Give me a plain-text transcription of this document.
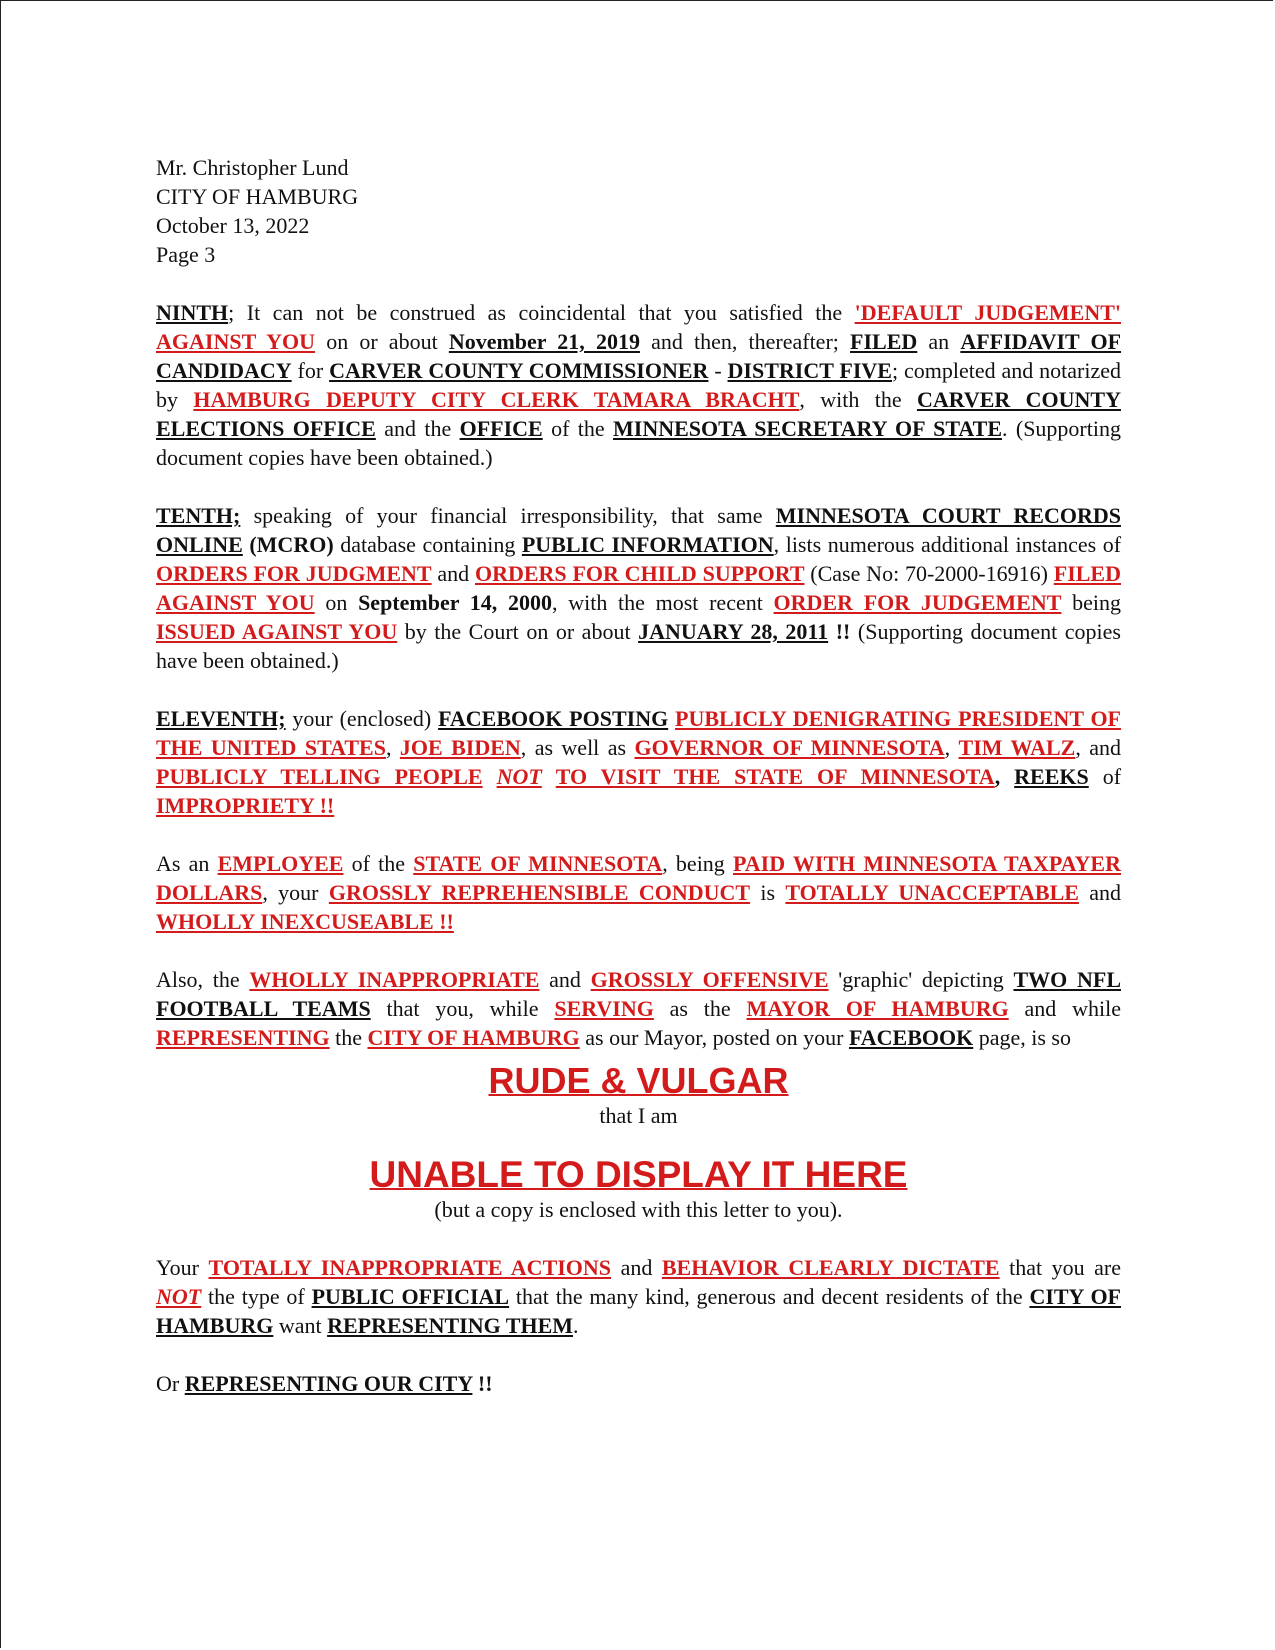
Mr. Christopher Lund
CITY OF HAMBURG
October 13, 2022
Page 3
NINTH; It can not be construed as coincidental that you satisfied the 'DEFAULT JUDGEMENT' AGAINST YOU on or about November 21, 2019 and then, thereafter; FILED an AFFIDAVIT OF CANDIDACY for CARVER COUNTY COMMISSIONER - DISTRICT FIVE; completed and notarized by HAMBURG DEPUTY CITY CLERK TAMARA BRACHT, with the CARVER COUNTY ELECTIONS OFFICE and the OFFICE of the MINNESOTA SECRETARY OF STATE. (Supporting document copies have been obtained.)
TENTH; speaking of your financial irresponsibility, that same MINNESOTA COURT RECORDS ONLINE (MCRO) database containing PUBLIC INFORMATION, lists numerous additional instances of ORDERS FOR JUDGMENT and ORDERS FOR CHILD SUPPORT (Case No: 70-2000-16916) FILED AGAINST YOU on September 14, 2000, with the most recent ORDER FOR JUDGEMENT being ISSUED AGAINST YOU by the Court on or about JANUARY 28, 2011 !! (Supporting document copies have been obtained.)
ELEVENTH; your (enclosed) FACEBOOK POSTING PUBLICLY DENIGRATING PRESIDENT OF THE UNITED STATES, JOE BIDEN, as well as GOVERNOR OF MINNESOTA, TIM WALZ, and PUBLICLY TELLING PEOPLE NOT TO VISIT THE STATE OF MINNESOTA, REEKS of IMPROPRIETY !!
As an EMPLOYEE of the STATE OF MINNESOTA, being PAID WITH MINNESOTA TAXPAYER DOLLARS, your GROSSLY REPREHENSIBLE CONDUCT is TOTALLY UNACCEPTABLE and WHOLLY INEXCUSEABLE !!
Also, the WHOLLY INAPPROPRIATE and GROSSLY OFFENSIVE 'graphic' depicting TWO NFL FOOTBALL TEAMS that you, while SERVING as the MAYOR OF HAMBURG and while REPRESENTING the CITY OF HAMBURG as our Mayor, posted on your FACEBOOK page, is so
RUDE & VULGAR
that I am
UNABLE TO DISPLAY IT HERE
(but a copy is enclosed with this letter to you).
Your TOTALLY INAPPROPRIATE ACTIONS and BEHAVIOR CLEARLY DICTATE that you are NOT the type of PUBLIC OFFICIAL that the many kind, generous and decent residents of the CITY OF HAMBURG want REPRESENTING THEM.
Or REPRESENTING OUR CITY !!
